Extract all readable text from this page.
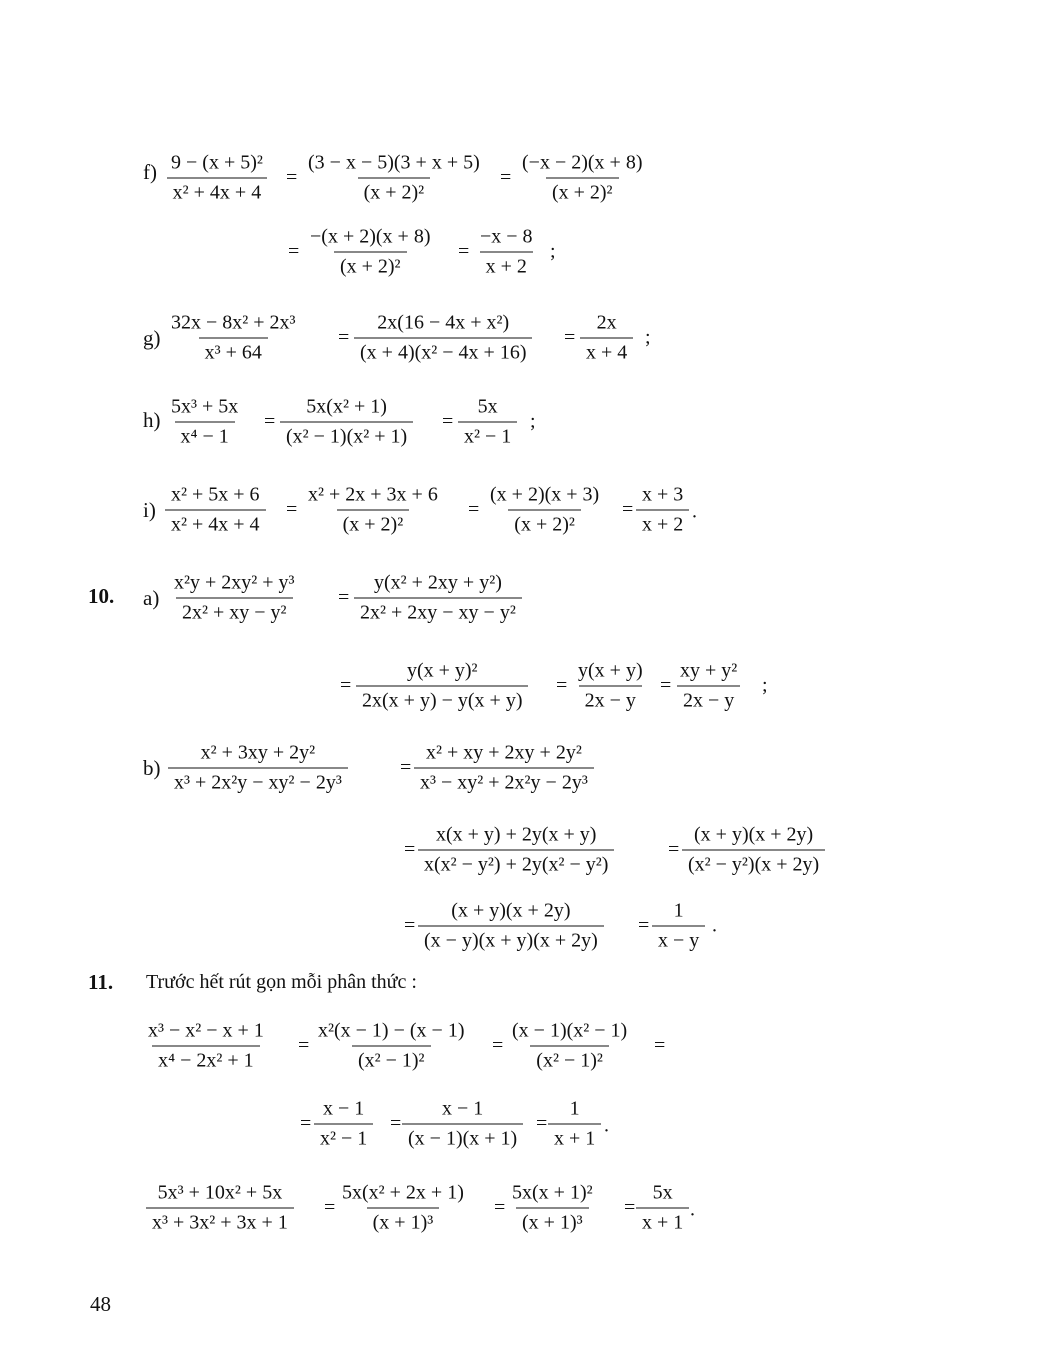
$f) \frac{\text{9 − (x + 5)²}}{\text{x² + 4x + 4}} = \frac{(3 - x - 5)(3 + x + 5)}{\text{(x + 2)²}} = \frac{(-x - 2)(x + 8)}{\text{(x + 2)²}}$
= $\frac{-(x + 2)(x + 8)}{\text{(x + 2)²}} = \frac{-x - 8}{x + 2}$ ;
$g) \frac{\text{32x − 8x² + 2x³}}{\text{x³ + 64}} = \frac{\text{2x(16 − 4x + x²)}}{\text{(x + 4)(x² − 4x + 16)}} = \frac{2x}{x + 4}$ ;
$h) \frac{\text{5x³ + 5x}}{\text{x⁴ − 1}} = \frac{\text{5x(x² + 1)}}{\text{(x² − 1)(x² + 1)}} = \frac{5x}{\text{x² − 1}}$ ;
$i) \frac{\text{x² + 5x + 6}}{\text{x² + 4x + 4}} = \frac{\text{x² + 2x + 3x + 6}}{\text{(x + 2)²}} = \frac{(x + 2)(x + 3)}{\text{(x + 2)²}} = \frac{x + 3}{x + 2}$ .
10. $a) \frac{\text{x²y + 2xy² + y³}}{\text{2x² + xy − y²}} = \frac{\text{y(x² + 2xy + y²)}}{\text{2x² + 2xy − xy − y²}}$
= $\frac{\text{y(x + y)²}}{2x(x + y) - y(x + y)} = \frac{y(x + y)}{2x - y} = \frac{\text{xy + y²}}{2x - y}$ ;
$b) \frac{\text{x² + 3xy + 2y²}}{\text{x³ + 2x²y − xy² − 2y³}}$	= $\frac{\text{x² + xy + 2xy + 2y²}}{\text{x³ − xy² + 2x²y − 2y³}}$
= $\frac{x(x + y) + 2y(x + y)}{\text{x(x² − y²) + 2y(x² − y²)}}$	= $\frac{(x + y)(x + 2y)}{\text{(x² − y²)(x + 2y)}}$
= $\frac{(x + y)(x + 2y)}{(x - y)(x + y)(x + 2y)} = \frac{1}{x - y}$ .
11. Trước hết rút gọn mỗi phân thức :
$\frac{\text{x³ − x² − x + 1}}{\text{x⁴ − 2x² + 1}} = \frac{\text{x²(x − 1) − (x − 1)}}{\text{(x² − 1)²}} = \frac{\text{(x − 1)(x² − 1)}}{\text{(x² − 1)²}}$ =
= $\frac{x - 1}{\text{x² − 1}} = \frac{x - 1}{(x - 1)(x + 1)} = \frac{1}{x + 1}$ .
$\frac{\text{5x³ + 10x² + 5x}}{\text{x³ + 3x² + 3x + 1}} = \frac{\text{5x(x² + 2x + 1)}}{\text{(x + 1)³}} = \frac{\text{5x(x + 1)²}}{\text{(x + 1)³}} = \frac{5x}{x + 1}$ .
48
